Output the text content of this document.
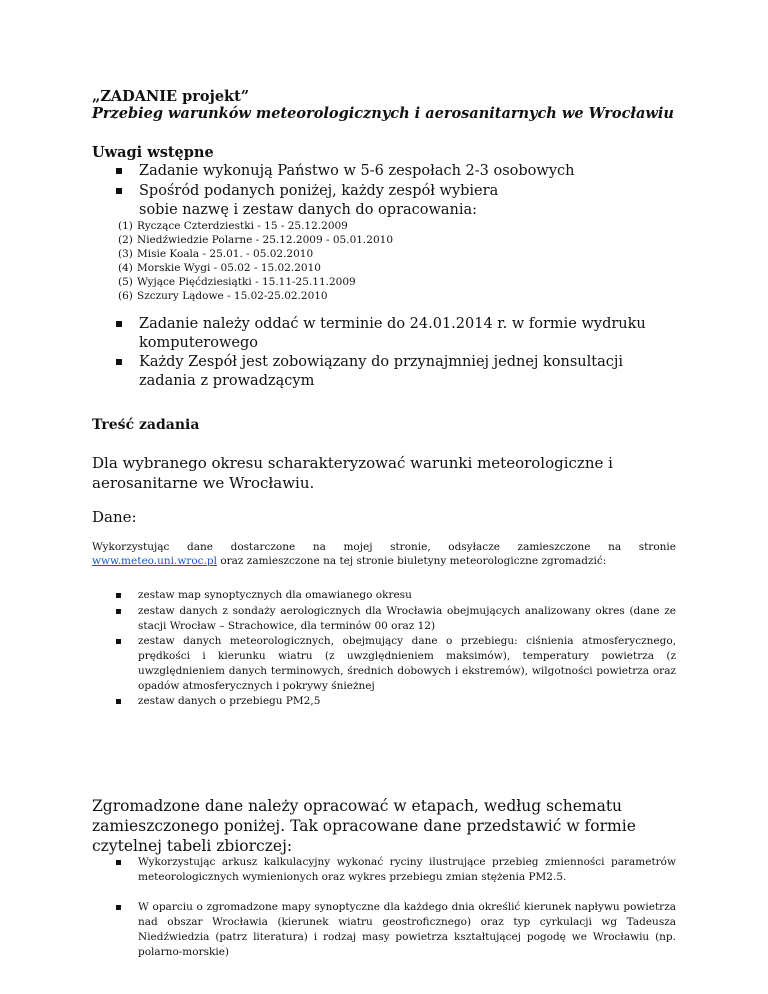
„ZADANIE projekt”
Przebieg warunków meteorologicznych i aerosanitarnych we Wrocławiu
Uwagi wstępne
Zadanie wykonują Państwo w 5-6 zespołach 2-3 osobowych
Spośród podanych poniżej, każdy zespół wybiera sobie nazwę i zestaw danych do opracowania:
(1) Ryczące Czterdziestki - 15 - 25.12.2009
(2) Niedźwiedzie Polarne - 25.12.2009 - 05.01.2010
(3) Misie Koala - 25.01. - 05.02.2010
(4) Morskie Wygi - 05.02 - 15.02.2010
(5) Wyjące Pięćdziesiątki - 15.11-25.11.2009
(6) Szczury Lądowe - 15.02-25.02.2010
Zadanie należy oddać w terminie do 24.01.2014 r. w formie wydruku komputerowego
Każdy Zespół jest zobowiązany do przynajmniej jednej konsultacji zadania z prowadzącym
Treść zadania
Dla wybranego okresu scharakteryzować warunki meteorologiczne i aerosanitarne we Wrocławiu.
Dane:
Wykorzystując dane dostarczone na mojej stronie, odsyłacze zamieszczone na stronie
www.meteo.uni.wroc.pl oraz zamieszczone na tej stronie biuletyny meteorologiczne zgromadzić:
zestaw map synoptycznych dla omawianego okresu
zestaw danych z sondaży aerologicznych dla Wrocławia obejmujących analizowany okres (dane ze stacji Wrocław – Strachowice, dla terminów 00 oraz 12)
zestaw danych meteorologicznych, obejmujący dane o przebiegu: ciśnienia atmosferycznego, prędkości i kierunku wiatru (z uwzględnieniem maksimów), temperatury powietrza (z uwzględnieniem danych terminowych, średnich dobowych i ekstremów), wilgotności powietrza oraz opadów atmosferycznych i pokrywy śnieżnej
zestaw danych o przebiegu PM2,5
Zgromadzone dane należy opracować w etapach, według schematu zamieszczonego poniżej. Tak opracowane dane przedstawić w formie czytelnej tabeli zbiorczej:
Wykorzystując arkusz kalkulacyjny wykonać ryciny ilustrujące przebieg zmienności parametrów meteorologicznych wymienionych oraz wykres przebiegu zmian stężenia PM2.5.
W oparciu o zgromadzone mapy synoptyczne dla każdego dnia określić kierunek napływu powietrza nad obszar Wrocławia (kierunek wiatru geostroficznego) oraz typ cyrkulacji wg Tadeusza Niedźwiedzia (patrz literatura) i rodzaj masy powietrza kształtującej pogodę we Wrocławiu (np. polarno-morskie)
